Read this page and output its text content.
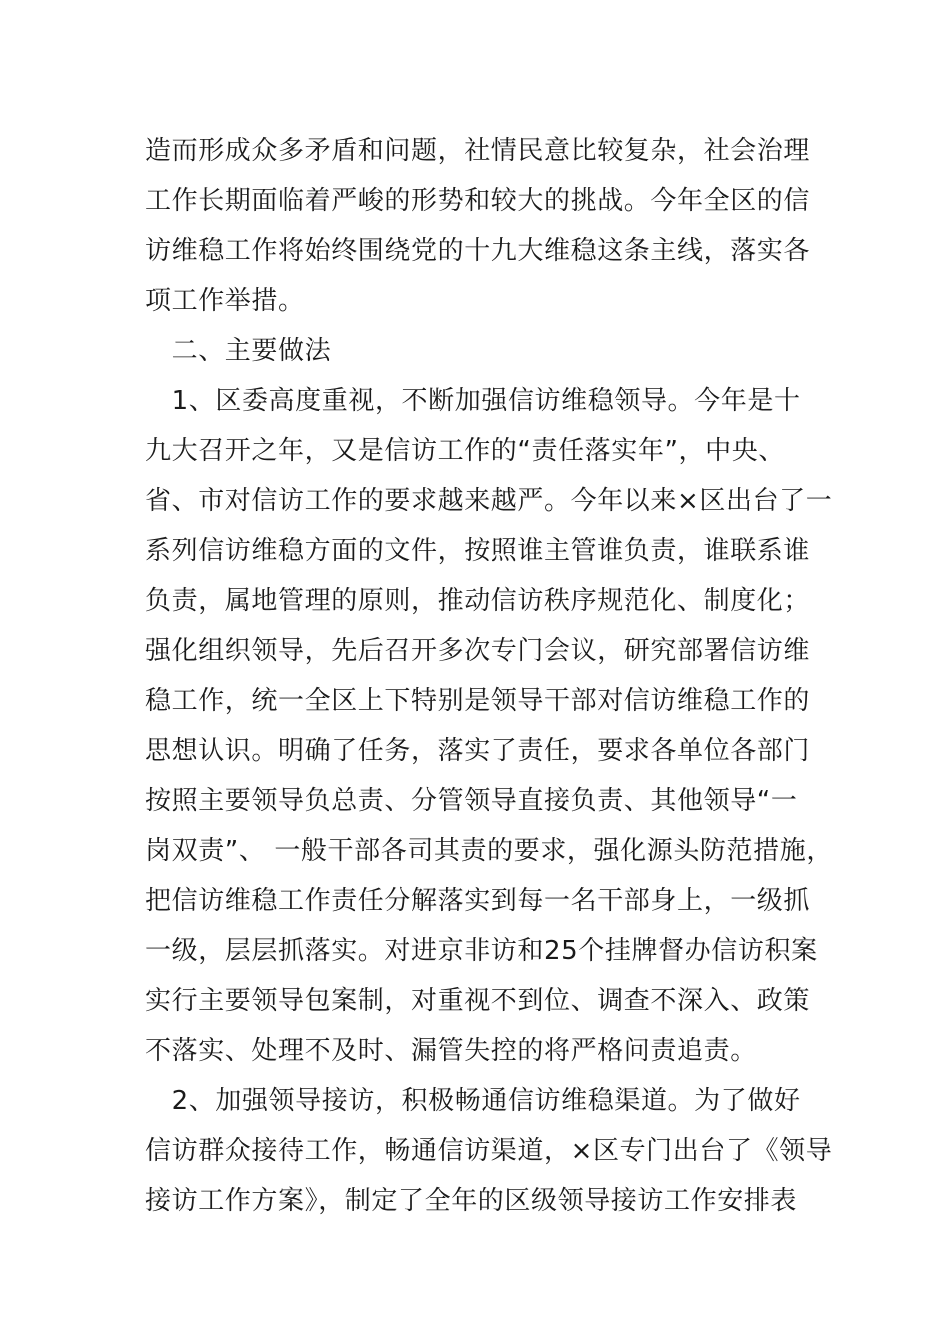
造而形成众多矛盾和问题，社情民意比较复杂，社会治理
工作长期面临着严峻的形势和较大的挑战。今年全区的信
访维稳工作将始终围绕党的十九大维稳这条主线，落实各
项工作举措。
　二、主要做法
　1、区委高度重视，不断加强信访维稳领导。今年是十
九大召开之年，又是信访工作的“责任落实年”，中央、
省、市对信访工作的要求越来越严。今年以来×区出台了一
系列信访维稳方面的文件，按照谁主管谁负责，谁联系谁
负责，属地管理的原则，推动信访秩序规范化、制度化；
强化组织领导，先后召开多次专门会议，研究部署信访维
稳工作，统一全区上下特别是领导干部对信访维稳工作的
思想认识。明确了任务，落实了责任，要求各单位各部门
按照主要领导负总责、分管领导直接负责、其他领导“一
岗双责”、 一般干部各司其责的要求，强化源头防范措施，
把信访维稳工作责任分解落实到每一名干部身上，一级抓
一级，层层抓落实。对进京非访和25个挂牌督办信访积案
实行主要领导包案制，对重视不到位、调查不深入、政策
不落实、处理不及时、漏管失控的将严格问责追责。
　2、加强领导接访，积极畅通信访维稳渠道。为了做好
信访群众接待工作，畅通信访渠道，×区专门出台了《领导
接访工作方案》，制定了全年的区级领导接访工作安排表
